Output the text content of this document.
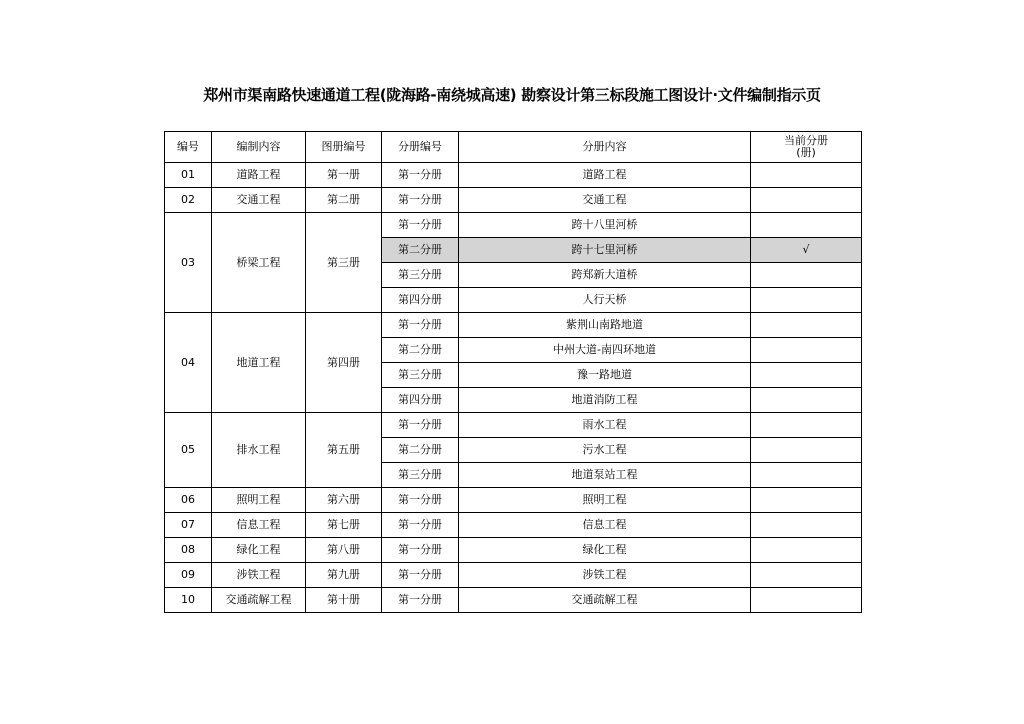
郑州市渠南路快速通道工程(陇海路-南绕城高速) 勘察设计第三标段施工图设计·文件编制指示页
编号	编制内容	图册编号	分册编号	分册内容	当前分册
(册)

01	道路工程	第一册	第一分册	道路工程	
02	交通工程	第二册	第一分册	交通工程	
03	桥梁工程	第三册	第一分册	跨十八里河桥	
			第二分册	跨十七里河桥	√
			第三分册	跨郑新大道桥	
			第四分册	人行天桥	
04	地道工程	第四册	第一分册	紫荆山南路地道	
			第二分册	中州大道-南四环地道	
			第三分册	豫一路地道	
			第四分册	地道消防工程	
05	排水工程	第五册	第一分册	雨水工程	
			第二分册	污水工程	
			第三分册	地道泵站工程	
06	照明工程	第六册	第一分册	照明工程	
07	信息工程	第七册	第一分册	信息工程	
08	绿化工程	第八册	第一分册	绿化工程	
09	涉铁工程	第九册	第一分册	涉铁工程	
10	交通疏解工程	第十册	第一分册	交通疏解工程	
